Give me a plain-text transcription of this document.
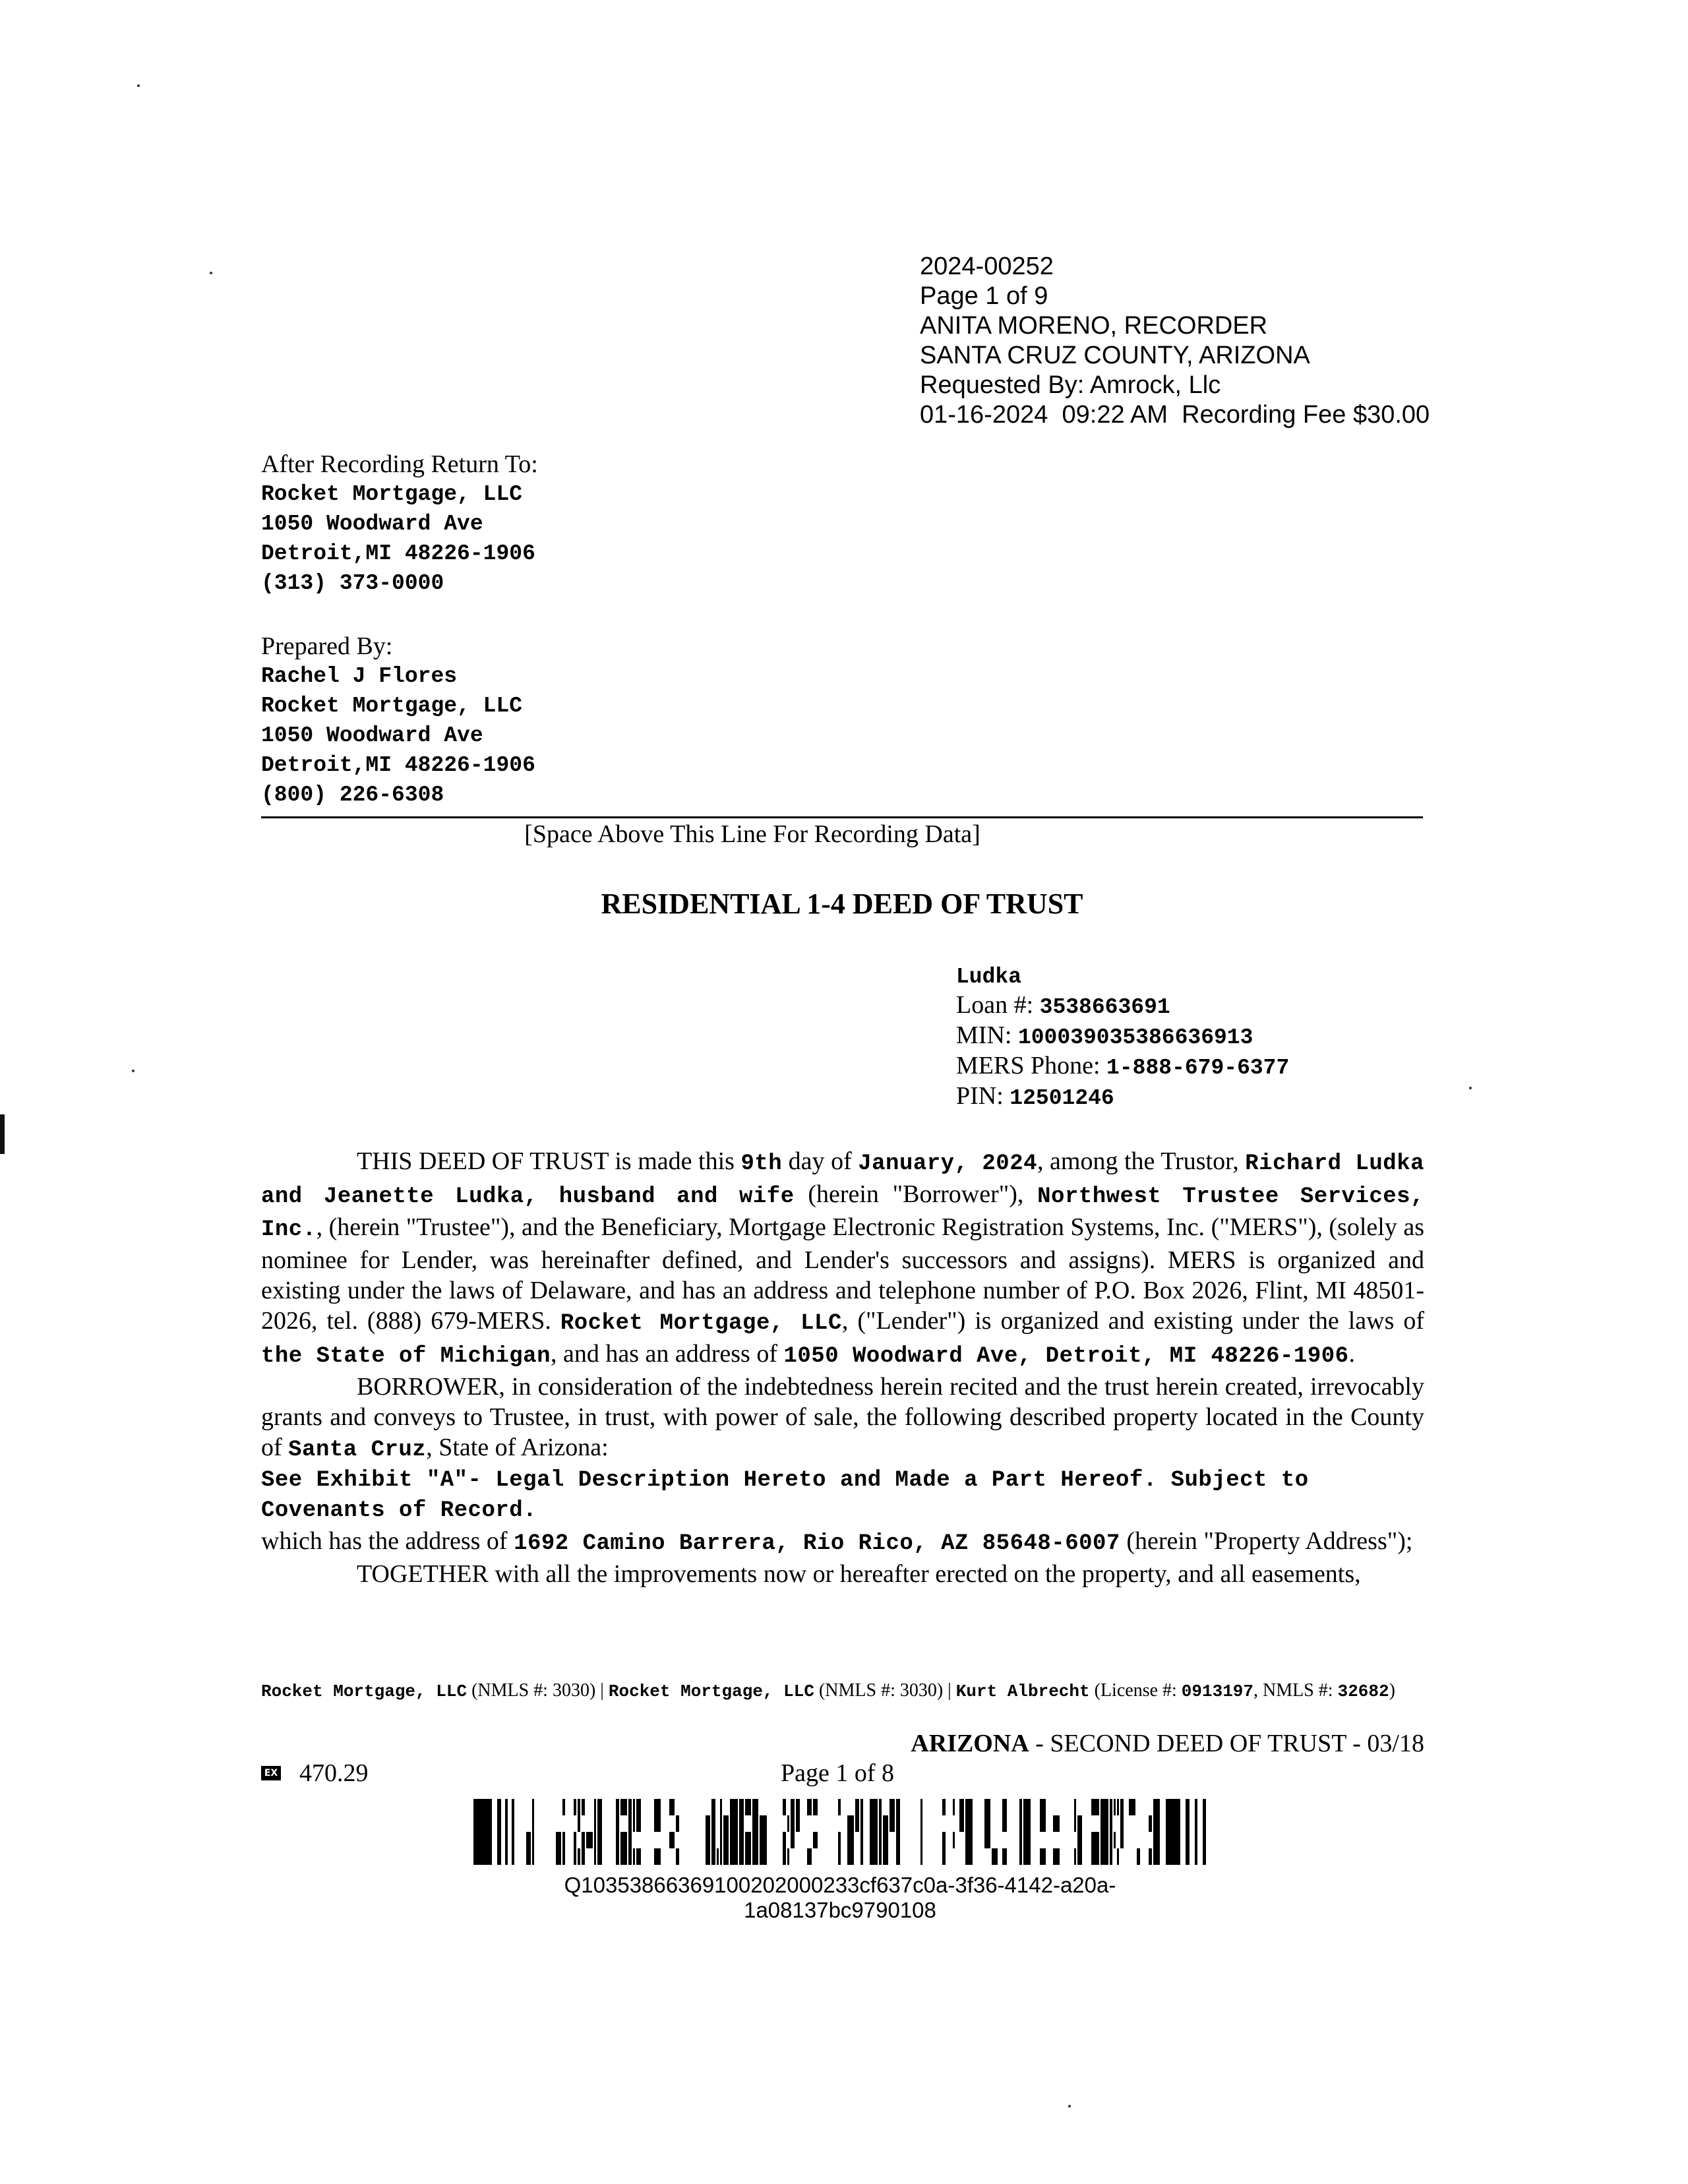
2024-00252
Page 1 of 9
ANITA MORENO, RECORDER
SANTA CRUZ COUNTY, ARIZONA
Requested By: Amrock, Llc
01-16-2024  09:22 AM  Recording Fee $30.00
After Recording Return To:
Rocket Mortgage, LLC
1050 Woodward Ave
Detroit,MI 48226-1906
(313) 373-0000
Prepared By:
Rachel J Flores
Rocket Mortgage, LLC
1050 Woodward Ave
Detroit,MI 48226-1906
(800) 226-6308
[Space Above This Line For Recording Data]
RESIDENTIAL 1-4 DEED OF TRUST
Ludka
Loan #: 3538663691
MIN: 100039035386636913
MERS Phone: 1-888-679-6377
PIN: 12501246

THIS DEED OF TRUST is made this 9th day of January, 2024, among the Trustor, Richard Ludka and Jeanette Ludka, husband and wife (herein "Borrower"), Northwest Trustee Services, Inc., (herein "Trustee"), and the Beneficiary, Mortgage Electronic Registration Systems, Inc. ("MERS"), (solely as nominee for Lender, was hereinafter defined, and Lender's successors and assigns). MERS is organized and existing under the laws of Delaware, and has an address and telephone number of P.O. Box 2026, Flint, MI 48501-2026, tel. (888) 679-MERS. Rocket Mortgage, LLC, ("Lender") is organized and existing under the laws of the State of Michigan, and has an address of 1050 Woodward Ave, Detroit, MI 48226-1906.

BORROWER, in consideration of the indebtedness herein recited and the trust herein created, irrevocably grants and conveys to Trustee, in trust, with power of sale, the following described property located in the County of Santa Cruz, State of Arizona:

See Exhibit "A"- Legal Description Hereto and Made a Part Hereof. Subject to Covenants of Record.

which has the address of 1692 Camino Barrera, Rio Rico, AZ 85648-6007 (herein "Property Address");

TOGETHER with all the improvements now or hereafter erected on the property, and all easements,

Rocket Mortgage, LLC (NMLS #: 3030) | Rocket Mortgage, LLC (NMLS #: 3030) | Kurt Albrecht (License #: 0913197, NMLS #: 32682)
ARIZONA - SECOND DEED OF TRUST - 03/18
EX 470.29	Page 1 of 8
Q10353866369100202000233cf637c0a-3f36-4142-a20a-1a08137bc9790108
